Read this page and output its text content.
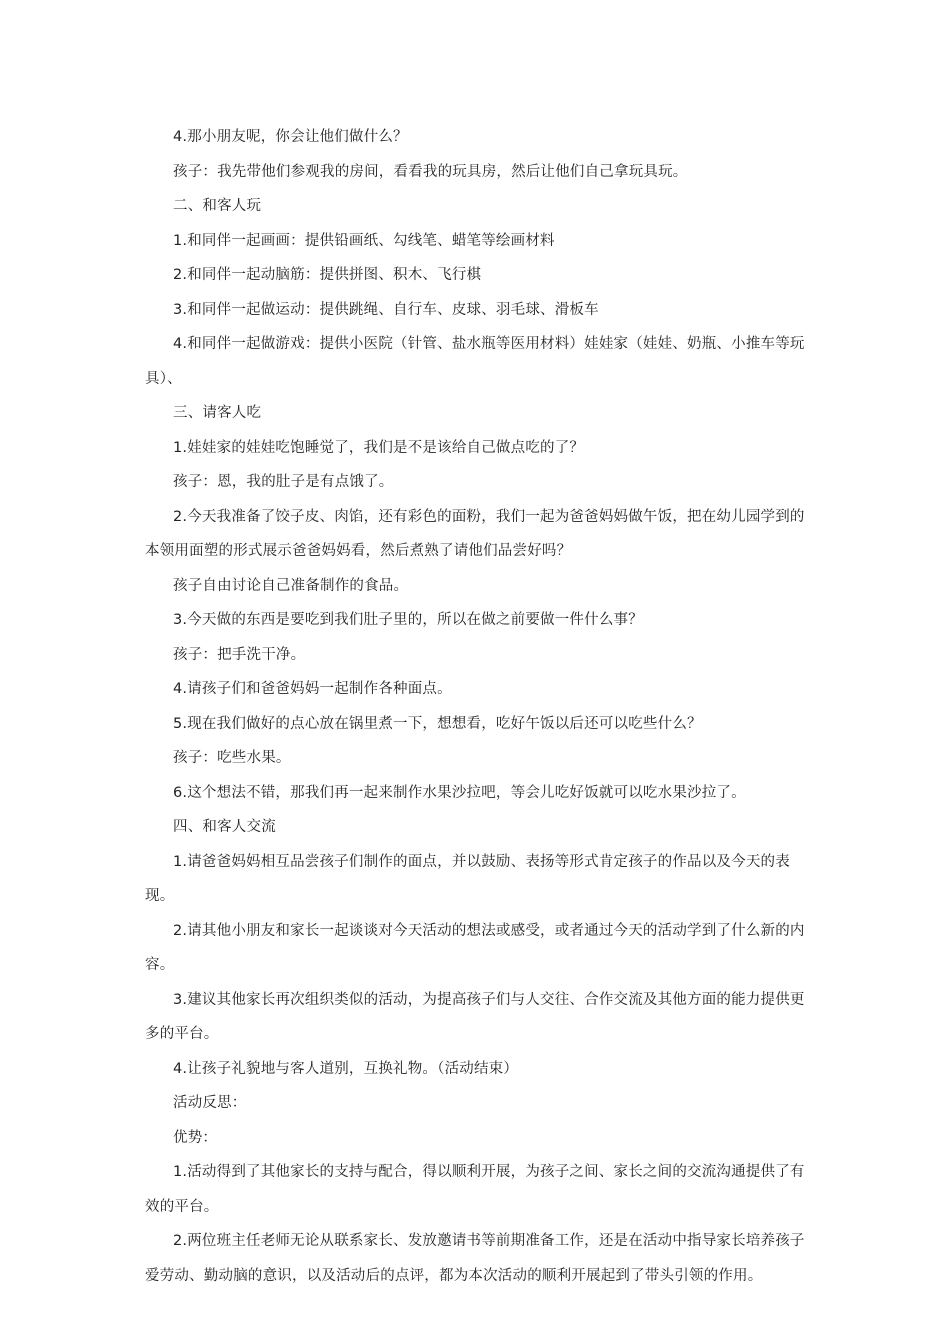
4.那小朋友呢，你会让他们做什么？

孩子：我先带他们参观我的房间，看看我的玩具房，然后让他们自己拿玩具玩。

二、和客人玩

1.和同伴一起画画：提供铅画纸、勾线笔、蜡笔等绘画材料

2.和同伴一起动脑筋：提供拼图、积木、飞行棋

3.和同伴一起做运动：提供跳绳、自行车、皮球、羽毛球、滑板车

4.和同伴一起做游戏：提供小医院（针管、盐水瓶等医用材料）娃娃家（娃娃、奶瓶、小推车等玩具）、

三、请客人吃

1.娃娃家的娃娃吃饱睡觉了，我们是不是该给自己做点吃的了？

孩子：恩，我的肚子是有点饿了。

2.今天我准备了饺子皮、肉馅，还有彩色的面粉，我们一起为爸爸妈妈做午饭，把在幼儿园学到的本领用面塑的形式展示爸爸妈妈看，然后煮熟了请他们品尝好吗？

孩子自由讨论自己准备制作的食品。

3.今天做的东西是要吃到我们肚子里的，所以在做之前要做一件什么事？

孩子：把手洗干净。

4.请孩子们和爸爸妈妈一起制作各种面点。

5.现在我们做好的点心放在锅里煮一下，想想看，吃好午饭以后还可以吃些什么？

孩子：吃些水果。

6.这个想法不错，那我们再一起来制作水果沙拉吧，等会儿吃好饭就可以吃水果沙拉了。

四、和客人交流

1.请爸爸妈妈相互品尝孩子们制作的面点，并以鼓励、表扬等形式肯定孩子的作品以及今天的表现。

2.请其他小朋友和家长一起谈谈对今天活动的想法或感受，或者通过今天的活动学到了什么新的内容。

3.建议其他家长再次组织类似的活动，为提高孩子们与人交往、合作交流及其他方面的能力提供更多的平台。

4.让孩子礼貌地与客人道别，互换礼物。（活动结束）

活动反思：

优势：

1.活动得到了其他家长的支持与配合，得以顺利开展，为孩子之间、家长之间的交流沟通提供了有效的平台。

2.两位班主任老师无论从联系家长、发放邀请书等前期准备工作，还是在活动中指导家长培养孩子爱劳动、勤动脑的意识，以及活动后的点评，都为本次活动的顺利开展起到了带头引领的作用。
